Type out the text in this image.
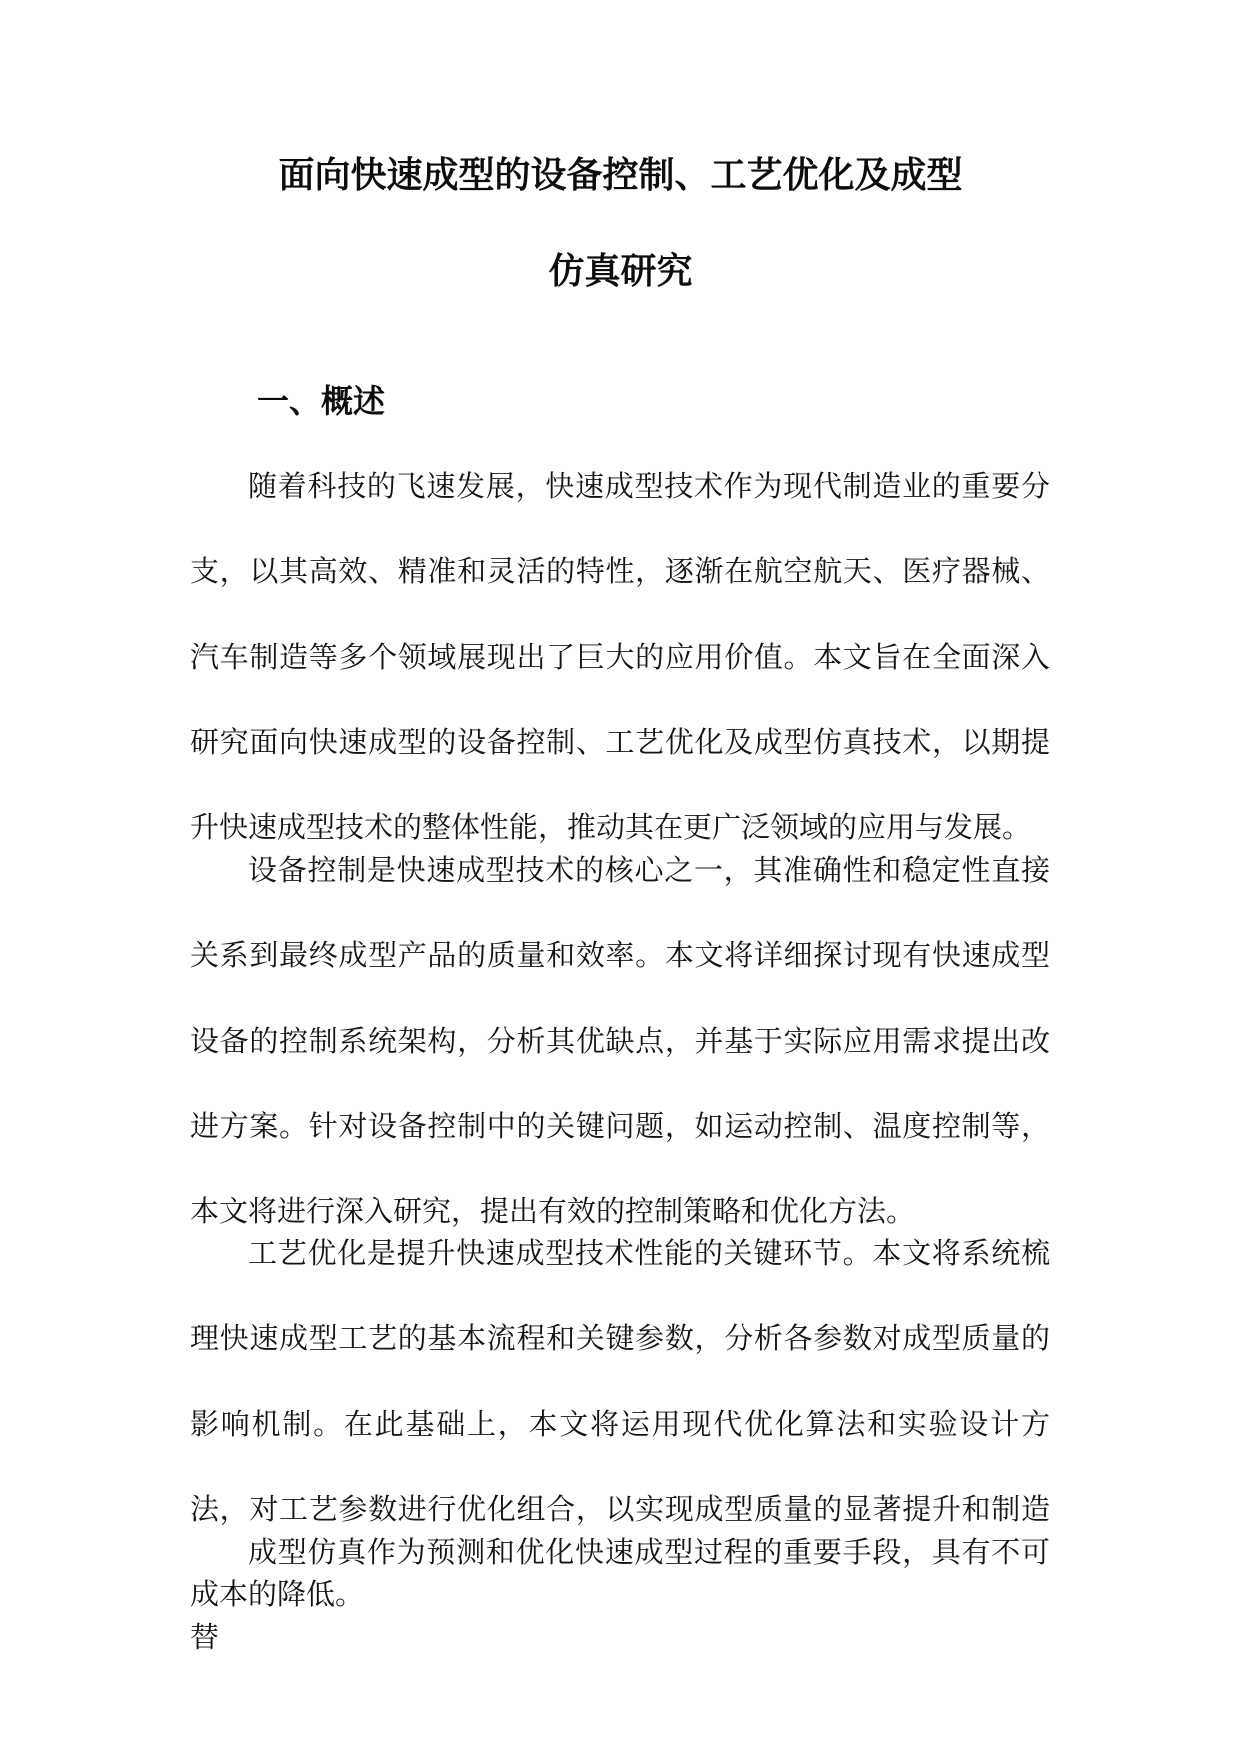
面向快速成型的设备控制、工艺优化及成型
仿真研究
一、概述

随着科技的飞速发展，快速成型技术作为现代制造业的重要分支，以其高效、精准和灵活的特性，逐渐在航空航天、医疗器械、汽车制造等多个领域展现出了巨大的应用价值。本文旨在全面深入研究面向快速成型的设备控制、工艺优化及成型仿真技术，以期提升快速成型技术的整体性能，推动其在更广泛领域的应用与发展。

设备控制是快速成型技术的核心之一，其准确性和稳定性直接关系到最终成型产品的质量和效率。本文将详细探讨现有快速成型设备的控制系统架构，分析其优缺点，并基于实际应用需求提出改进方案。针对设备控制中的关键问题，如运动控制、温度控制等，本文将进行深入研究，提出有效的控制策略和优化方法。

工艺优化是提升快速成型技术性能的关键环节。本文将系统梳理快速成型工艺的基本流程和关键参数，分析各参数对成型质量的影响机制。在此基础上，本文将运用现代优化算法和实验设计方法，对工艺参数进行优化组合，以实现成型质量的显著提升和制造成本的降低。

成型仿真作为预测和优化快速成型过程的重要手段，具有不可替
